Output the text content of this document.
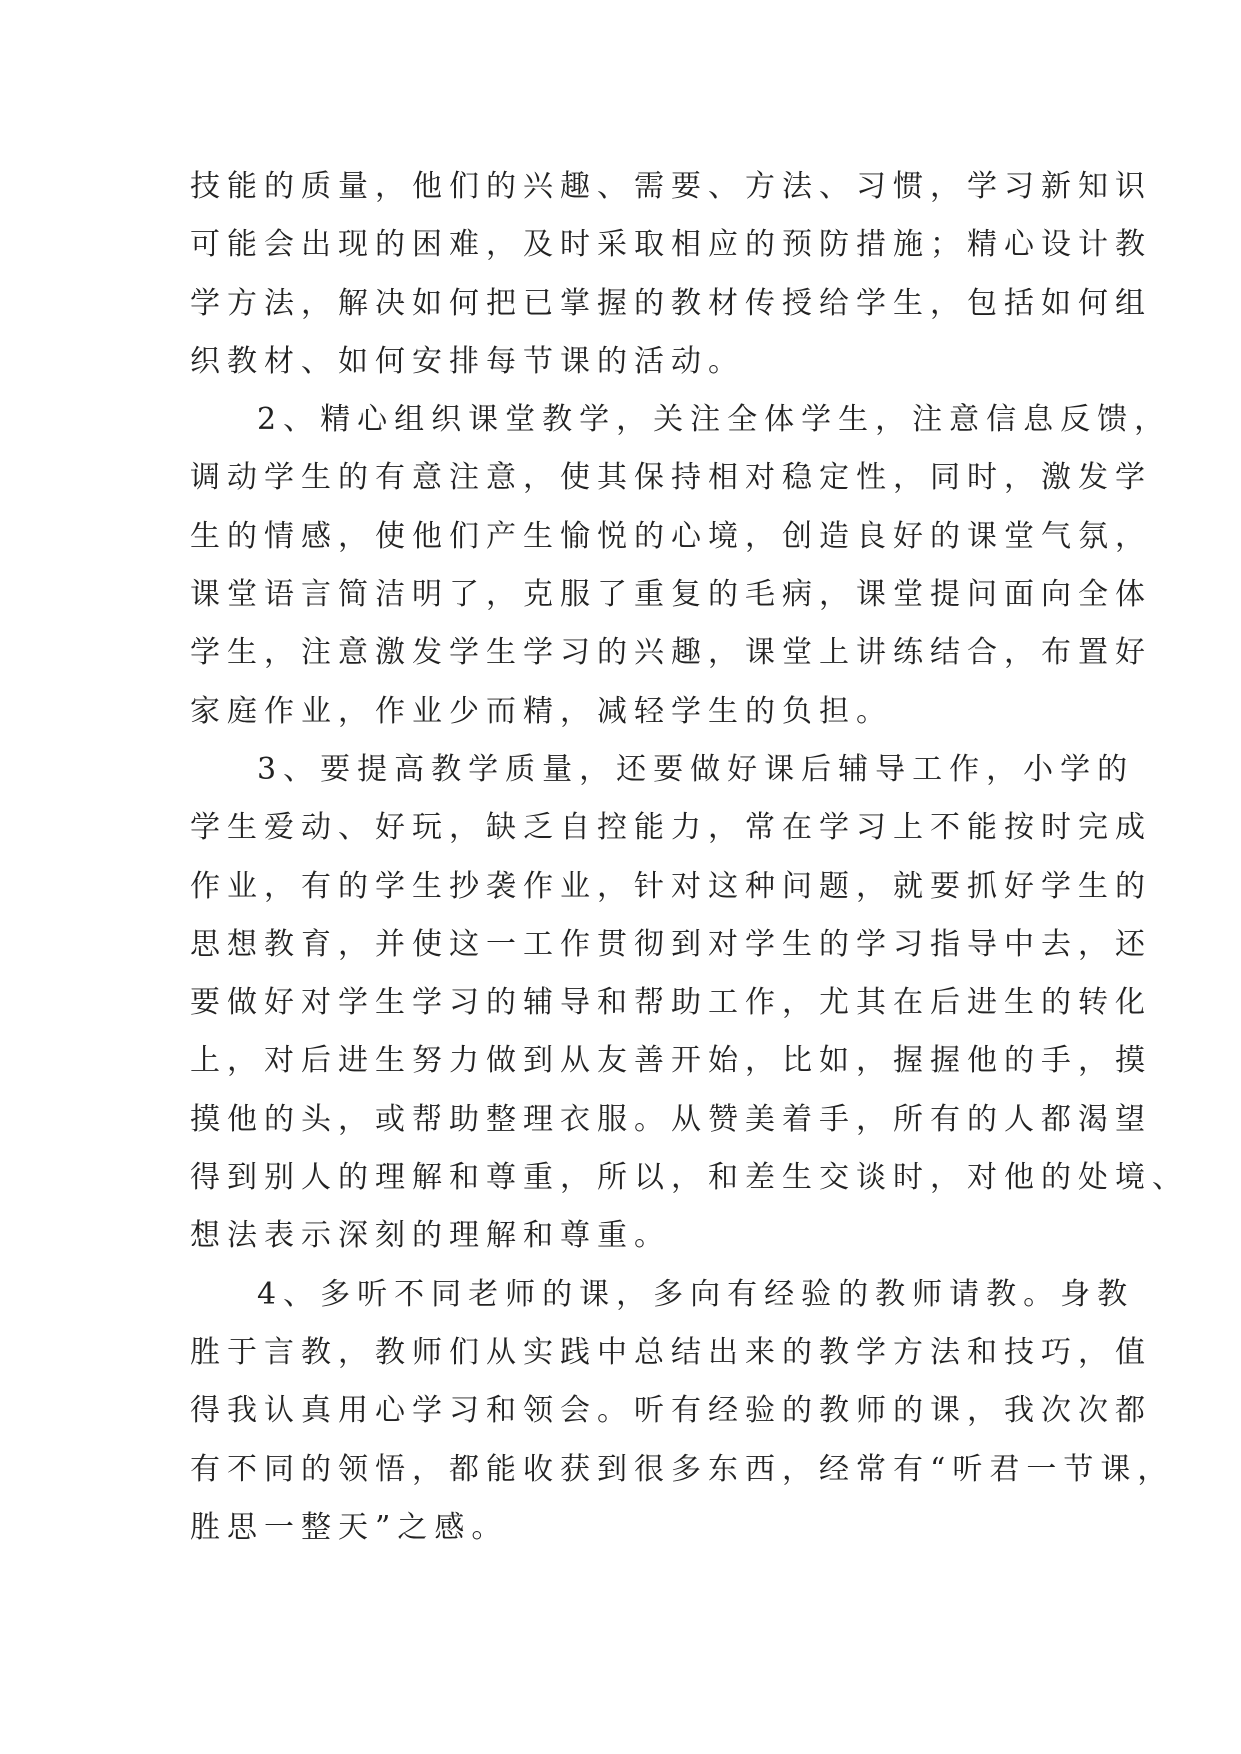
技能的质量，他们的兴趣、需要、方法、习惯，学习新知识
可能会出现的困难，及时采取相应的预防措施；精心设计教
学方法，解决如何把已掌握的教材传授给学生，包括如何组
织教材、如何安排每节课的活动。
2、精心组织课堂教学，关注全体学生，注意信息反馈，
调动学生的有意注意，使其保持相对稳定性，同时，激发学
生的情感，使他们产生愉悦的心境，创造良好的课堂气氛，
课堂语言简洁明了，克服了重复的毛病，课堂提问面向全体
学生，注意激发学生学习的兴趣，课堂上讲练结合，布置好
家庭作业，作业少而精，减轻学生的负担。
3、要提高教学质量，还要做好课后辅导工作，小学的
学生爱动、好玩，缺乏自控能力，常在学习上不能按时完成
作业，有的学生抄袭作业，针对这种问题，就要抓好学生的
思想教育，并使这一工作贯彻到对学生的学习指导中去，还
要做好对学生学习的辅导和帮助工作，尤其在后进生的转化
上，对后进生努力做到从友善开始，比如，握握他的手，摸
摸他的头，或帮助整理衣服。从赞美着手，所有的人都渴望
得到别人的理解和尊重，所以，和差生交谈时，对他的处境、
想法表示深刻的理解和尊重。
4、多听不同老师的课，多向有经验的教师请教。身教
胜于言教，教师们从实践中总结出来的教学方法和技巧，值
得我认真用心学习和领会。听有经验的教师的课，我次次都
有不同的领悟，都能收获到很多东西，经常有“听君一节课，
胜思一整天”之感。
